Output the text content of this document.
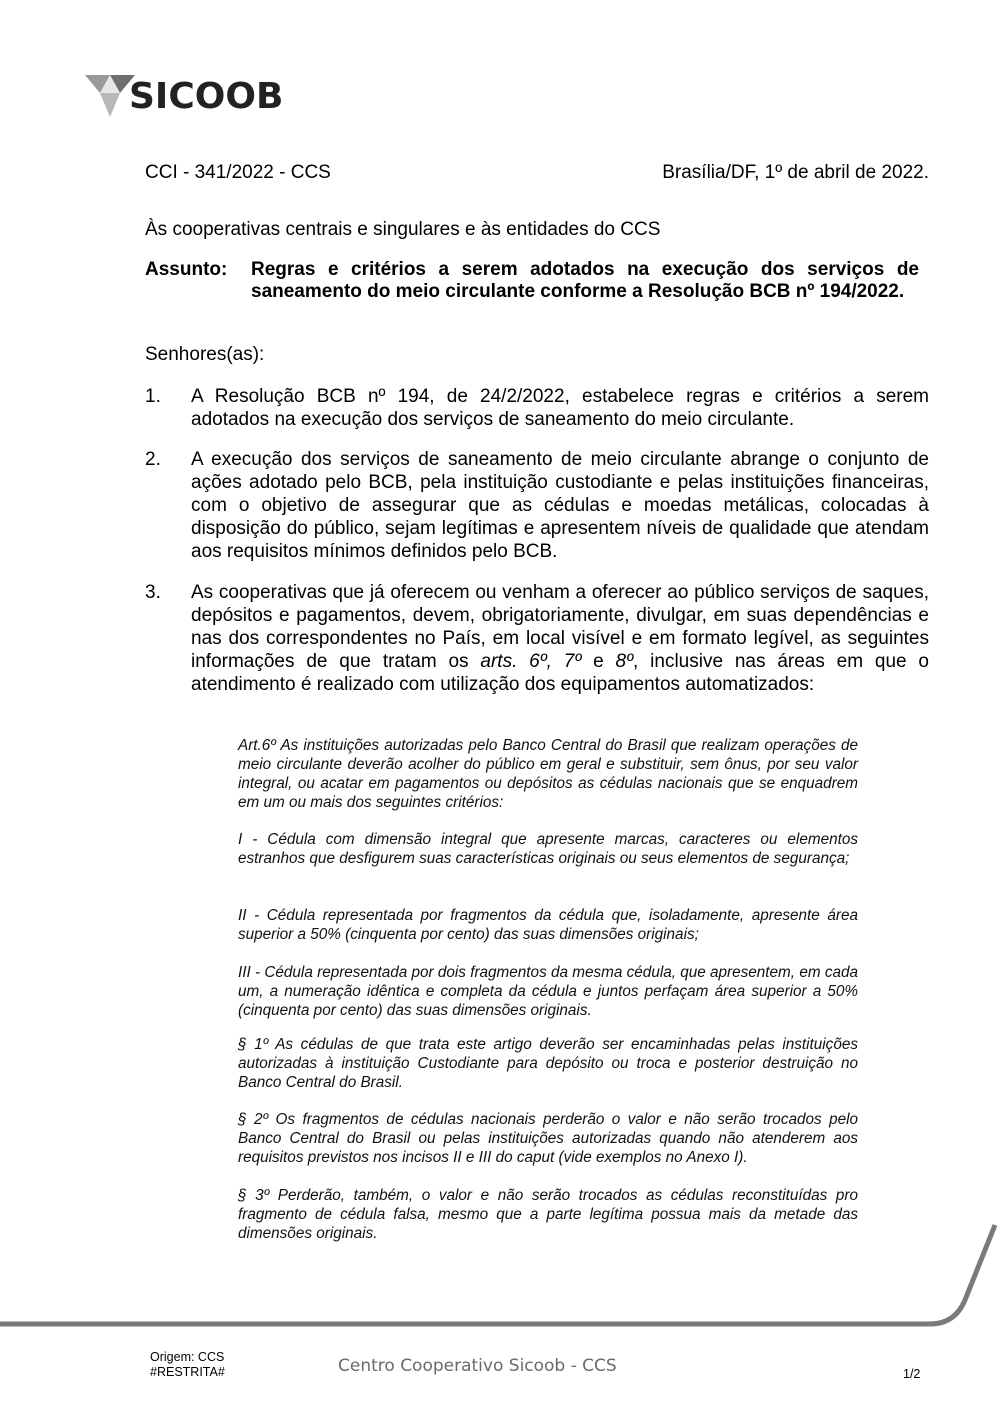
SICOOB
CCI - 341/2022 - CCS	Brasília/DF, 1º de abril de 2022.
Às cooperativas centrais e singulares e às entidades do CCS
Assunto: Regras e critérios a serem adotados na execução dos serviços de saneamento do meio circulante conforme a Resolução BCB nº 194/2022.
Senhores(as):
1. A Resolução BCB nº 194, de 24/2/2022, estabelece regras e critérios a serem adotados na execução dos serviços de saneamento do meio circulante.
2. A execução dos serviços de saneamento de meio circulante abrange o conjunto de ações adotado pelo BCB, pela instituição custodiante e pelas instituições financeiras, com o objetivo de assegurar que as cédulas e moedas metálicas, colocadas à disposição do público, sejam legítimas e apresentem níveis de qualidade que atendam aos requisitos mínimos definidos pelo BCB.
3. As cooperativas que já oferecem ou venham a oferecer ao público serviços de saques, depósitos e pagamentos, devem, obrigatoriamente, divulgar, em suas dependências e nas dos correspondentes no País, em local visível e em formato legível, as seguintes informações de que tratam os arts. 6º, 7º e 8º, inclusive nas áreas em que o atendimento é realizado com utilização dos equipamentos automatizados:
Art.6º As instituições autorizadas pelo Banco Central do Brasil que realizam operações de meio circulante deverão acolher do público em geral e substituir, sem ônus, por seu valor integral, ou acatar em pagamentos ou depósitos as cédulas nacionais que se enquadrem em um ou mais dos seguintes critérios:
I - Cédula com dimensão integral que apresente marcas, caracteres ou elementos estranhos que desfigurem suas características originais ou seus elementos de segurança;
II - Cédula representada por fragmentos da cédula que, isoladamente, apresente área superior a 50% (cinquenta por cento) das suas dimensões originais;
III - Cédula representada por dois fragmentos da mesma cédula, que apresentem, em cada um, a numeração idêntica e completa da cédula e juntos perfaçam área superior a 50% (cinquenta por cento) das suas dimensões originais.
§ 1º As cédulas de que trata este artigo deverão ser encaminhadas pelas instituições autorizadas à instituição Custodiante para depósito ou troca e posterior destruição no Banco Central do Brasil.
§ 2º Os fragmentos de cédulas nacionais perderão o valor e não serão trocados pelo Banco Central do Brasil ou pelas instituições autorizadas quando não atenderem aos requisitos previstos nos incisos II e III do caput (vide exemplos no Anexo I).
§ 3º Perderão, também, o valor e não serão trocados as cédulas reconstituídas pro fragmento de cédula falsa, mesmo que a parte legítima possua mais da metade das dimensões originais.
Origem: CCS
#RESTRITA#	Centro Cooperativo Sicoob - CCS	1/2
